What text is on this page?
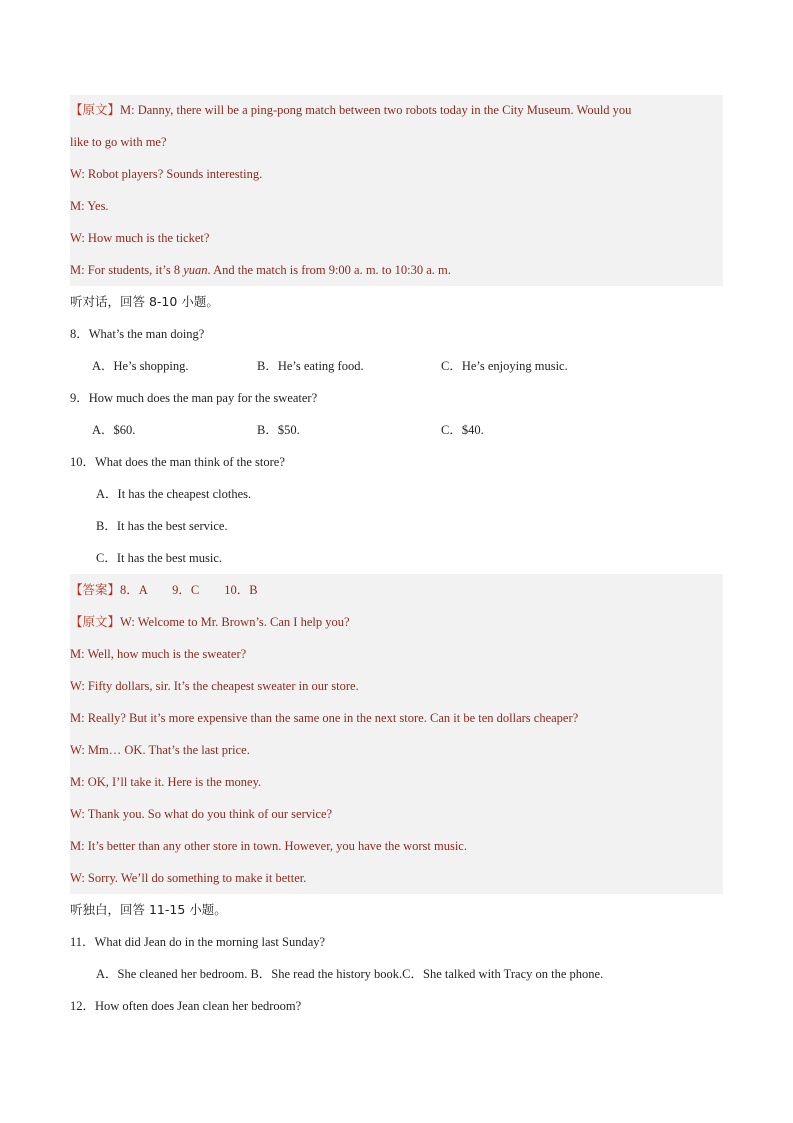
【原文】M: Danny, there will be a ping-pong match between two robots today in the City Museum. Would you
like to go with me?
W: Robot players? Sounds interesting.
M: Yes.
W: How much is the ticket?
M: For students, it’s 8 yuan. And the match is from 9:00 a. m. to 10:30 a. m.
听对话，回答 8-10 小题。
8．What’s the man doing?
A．He’s shopping.	B．He’s eating food.	C．He’s enjoying music.
9．How much does the man pay for the sweater?
A．$60.	B．$50.	C．$40.
10．What does the man think of the store?
A．It has the cheapest clothes.
B．It has the best service.
C．It has the best music.
【答案】8．A        9．C        10．B
【原文】W: Welcome to Mr. Brown’s. Can I help you?
M: Well, how much is the sweater?
W: Fifty dollars, sir. It’s the cheapest sweater in our store.
M: Really? But it’s more expensive than the same one in the next store. Can it be ten dollars cheaper?
W: Mm… OK. That’s the last price.
M: OK, I’ll take it. Here is the money.
W: Thank you. So what do you think of our service?
M: It’s better than any other store in town. However, you have the worst music.
W: Sorry. We’ll do something to make it better.
听独白，回答 11-15 小题。
11．What did Jean do in the morning last Sunday?
A．She cleaned her bedroom. B．She read the history book.C．She talked with Tracy on the phone.
12．How often does Jean clean her bedroom?
